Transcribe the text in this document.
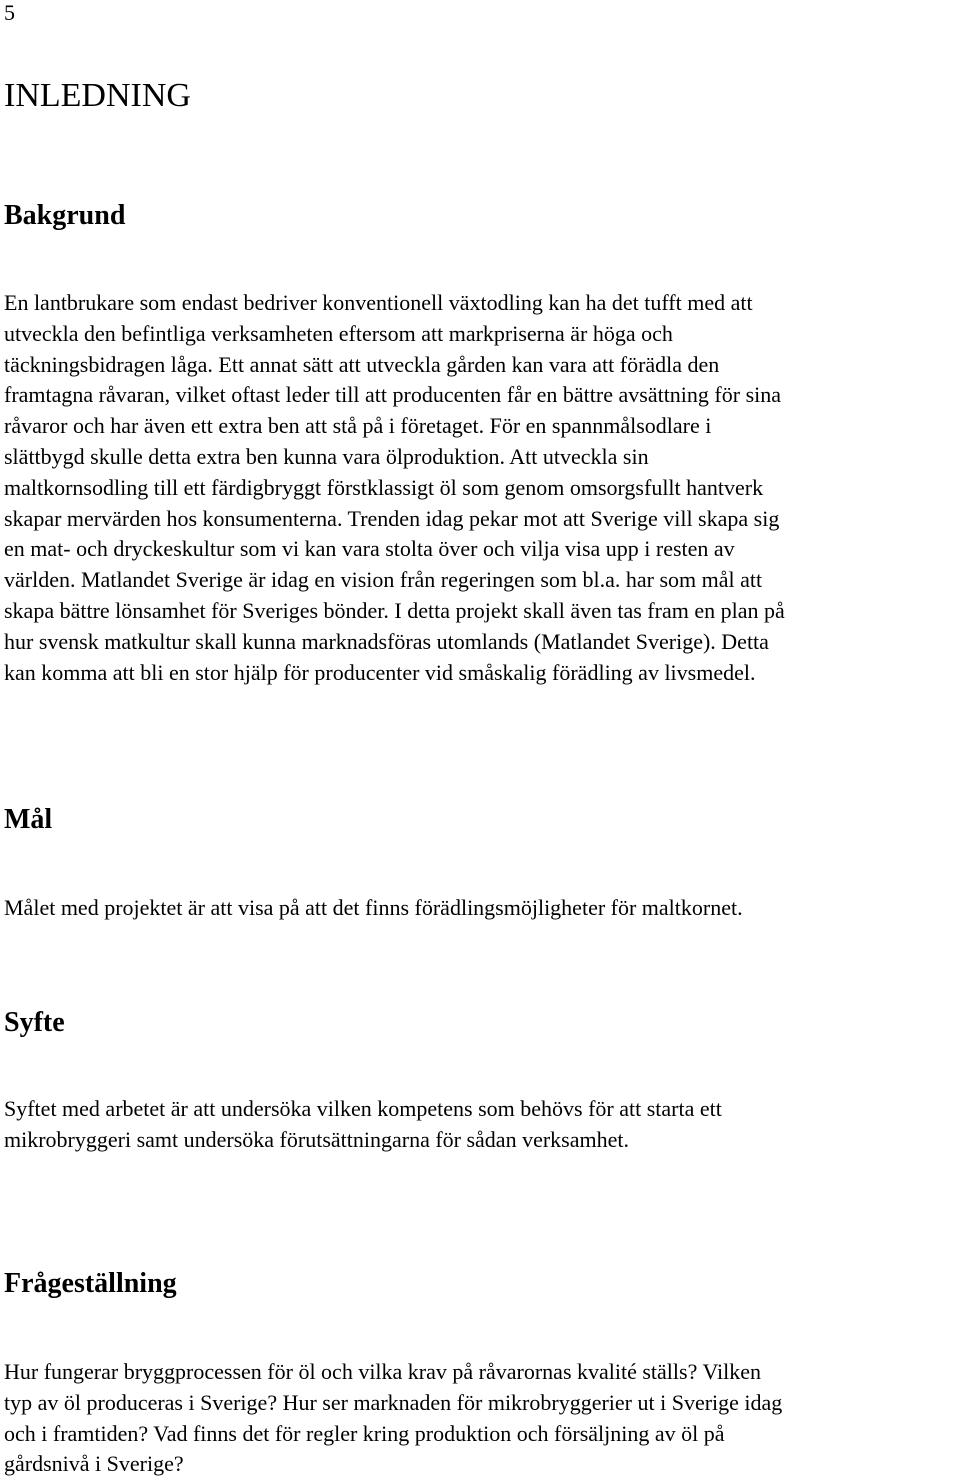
5
INLEDNING
Bakgrund

En lantbrukare som endast bedriver konventionell växtodling kan ha det tufft med att
utveckla den befintliga verksamheten eftersom att markpriserna är höga och
täckningsbidragen låga. Ett annat sätt att utveckla gården kan vara att förädla den
framtagna råvaran, vilket oftast leder till att producenten får en bättre avsättning för sina
råvaror och har även ett extra ben att stå på i företaget. För en spannmålsodlare i
slättbygd skulle detta extra ben kunna vara ölproduktion. Att utveckla sin
maltkornsodling till ett färdigbryggt förstklassigt öl som genom omsorgsfullt hantverk
skapar mervärden hos konsumenterna. Trenden idag pekar mot att Sverige vill skapa sig
en mat- och dryckeskultur som vi kan vara stolta över och vilja visa upp i resten av
världen. Matlandet Sverige är idag en vision från regeringen som bl.a. har som mål att
skapa bättre lönsamhet för Sveriges bönder. I detta projekt skall även tas fram en plan på
hur svensk matkultur skall kunna marknadsföras utomlands (Matlandet Sverige). Detta
kan komma att bli en stor hjälp för producenter vid småskalig förädling av livsmedel.

Mål

Målet med projektet är att visa på att det finns förädlingsmöjligheter för maltkornet.

Syfte

Syftet med arbetet är att undersöka vilken kompetens som behövs för att starta ett
mikrobryggeri samt undersöka förutsättningarna för sådan verksamhet.

Frågeställning

Hur fungerar bryggprocessen för öl och vilka krav på råvarornas kvalité ställs? Vilken
typ av öl produceras i Sverige? Hur ser marknaden för mikrobryggerier ut i Sverige idag
och i framtiden? Vad finns det för regler kring produktion och försäljning av öl på
gårdsnivå i Sverige?
